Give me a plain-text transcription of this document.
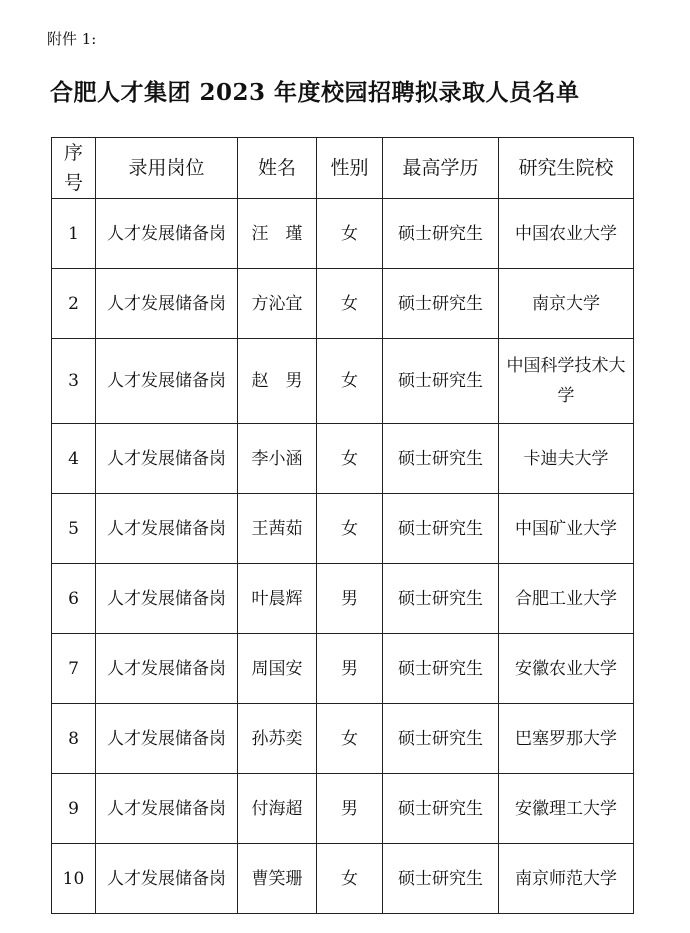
附件 1:
合肥人才集团 2023 年度校园招聘拟录取人员名单
序号	录用岗位	姓名	性别	最高学历	研究生院校
1	人才发展储备岗	汪　瑾	女	硕士研究生	中国农业大学
2	人才发展储备岗	方沁宜	女	硕士研究生	南京大学
3	人才发展储备岗	赵　男	女	硕士研究生	中国科学技术大学
4	人才发展储备岗	李小涵	女	硕士研究生	卡迪夫大学
5	人才发展储备岗	王茜茹	女	硕士研究生	中国矿业大学
6	人才发展储备岗	叶晨辉	男	硕士研究生	合肥工业大学
7	人才发展储备岗	周国安	男	硕士研究生	安徽农业大学
8	人才发展储备岗	孙苏奕	女	硕士研究生	巴塞罗那大学
9	人才发展储备岗	付海超	男	硕士研究生	安徽理工大学
10	人才发展储备岗	曹笑珊	女	硕士研究生	南京师范大学
